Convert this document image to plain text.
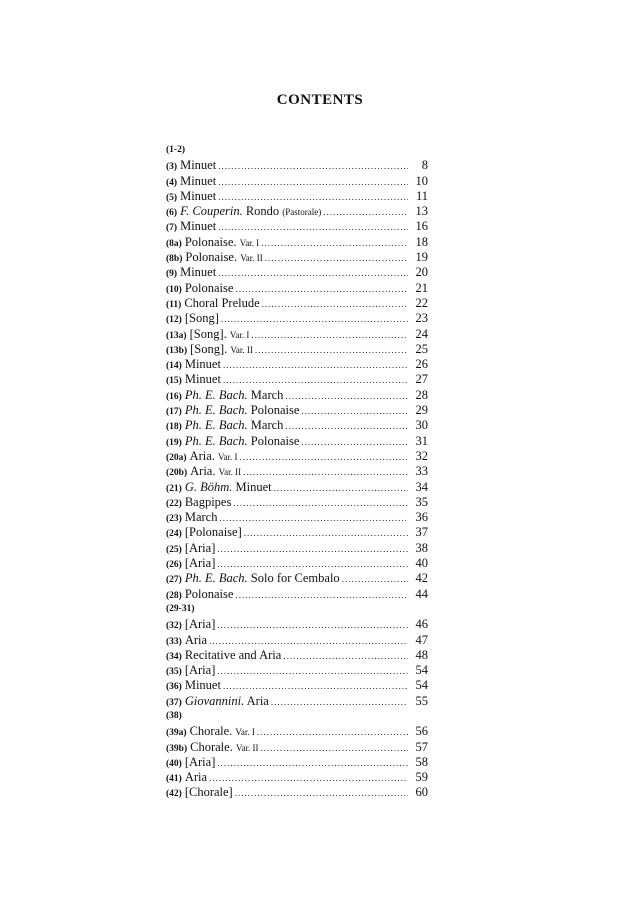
CONTENTS
(1-2)
(3) Minuet .....	8
(4) Minuet .....	10
(5) Minuet .....	11
(6) F. Couperin. Rondo (Pastorale) .....	13
(7) Minuet .....	16
(8a) Polonaise. Var. I .....	18
(8b) Polonaise. Var. II .....	19
(9) Minuet .....	20
(10) Polonaise .....	21
(11) Choral Prelude .....	22
(12) [Song] .....	23
(13a) [Song]. Var. I .....	24
(13b) [Song]. Var. II .....	25
(14) Minuet .....	26
(15) Minuet .....	27
(16) Ph. E. Bach. March .....	28
(17) Ph. E. Bach. Polonaise .....	29
(18) Ph. E. Bach. March .....	30
(19) Ph. E. Bach. Polonaise .....	31
(20a) Aria. Var. I .....	32
(20b) Aria. Var. II .....	33
(21) G. Böhm. Minuet .....	34
(22) Bagpipes .....	35
(23) March .....	36
(24) [Polonaise] .....	37
(25) [Aria] .....	38
(26) [Aria] .....	40
(27) Ph. E. Bach. Solo for Cembalo .....	42
(28) Polonaise .....	44
(29-31)
(32) [Aria] .....	46
(33) Aria .....	47
(34) Recitative and Aria .....	48
(35) [Aria] .....	54
(36) Minuet .....	54
(37) Giovannini. Aria .....	55
(38)
(39a) Chorale. Var. I .....	56
(39b) Chorale. Var. II .....	57
(40) [Aria] .....	58
(41) Aria .....	59
(42) [Chorale] .....	60
